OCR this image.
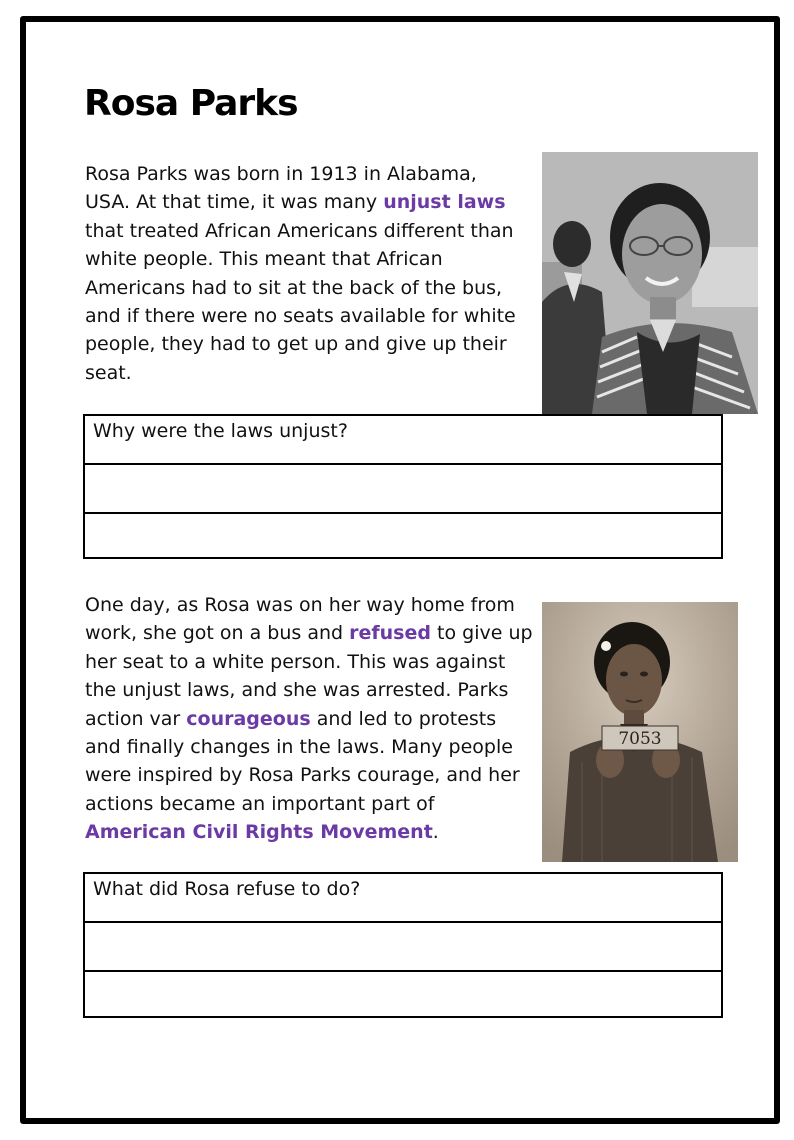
Rosa Parks
Rosa Parks was born in 1913 in Alabama, USA. At that time, it was many unjust laws that treated African Americans different than white people. This meant that African Americans had to sit at the back of the bus, and if there were no seats available for white people, they had to get up and give up their seat.
Why were the laws unjust?
One day, as Rosa was on her way home from work, she got on a bus and refused to give up her seat to a white person. This was against the unjust laws, and she was arrested. Parks action var courageous and led to protests and finally changes in the laws. Many people were inspired by Rosa Parks courage, and her actions became an important part of American Civil Rights Movement.
7053
What did Rosa refuse to do?
